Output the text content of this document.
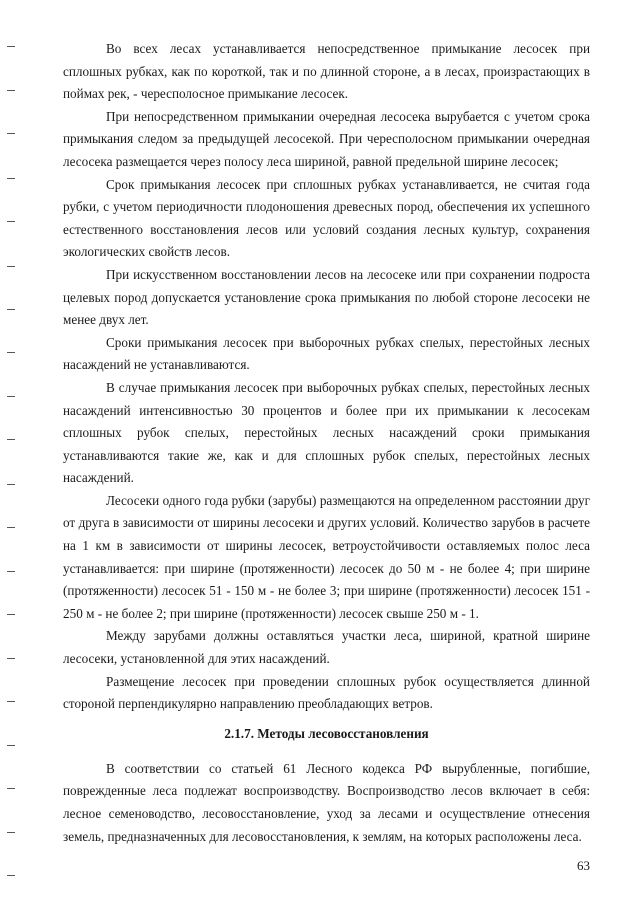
Во всех лесах устанавливается непосредственное примыкание лесосек при сплошных рубках, как по короткой, так и по длинной стороне, а в лесах, произрастающих в поймах рек, - чересполосное примыкание лесосек.

При непосредственном примыкании очередная лесосека вырубается с учетом срока примыкания следом за предыдущей лесосекой. При чересполосном примыкании очередная лесосека размещается через полосу леса шириной, равной предельной ширине лесосек;

Срок примыкания лесосек при сплошных рубках устанавливается, не считая года рубки, с учетом периодичности плодоношения древесных пород, обеспечения их успешного естественного восстановления лесов или условий создания лесных культур, сохранения экологических свойств лесов.

При искусственном восстановлении лесов на лесосеке или при сохранении подроста целевых пород допускается установление срока примыкания по любой стороне лесосеки не менее двух лет.

Сроки примыкания лесосек при выборочных рубках спелых, перестойных лесных насаждений не устанавливаются.

В случае примыкания лесосек при выборочных рубках спелых, перестойных лесных насаждений интенсивностью 30 процентов и более при их примыкании к лесосекам сплошных рубок спелых, перестойных лесных насаждений сроки примыкания устанавливаются такие же, как и для сплошных рубок спелых, перестойных лесных насаждений.

Лесосеки одного года рубки (зарубы) размещаются на определенном расстоянии друг от друга в зависимости от ширины лесосеки и других условий. Количество зарубов в расчете на 1 км в зависимости от ширины лесосек, ветроустойчивости оставляемых полос леса устанавливается: при ширине (протяженности) лесосек до 50 м - не более 4; при ширине (протяженности) лесосек 51 - 150 м - не более 3; при ширине (протяженности) лесосек 151 - 250 м - не более 2; при ширине (протяженности) лесосек свыше 250 м - 1.

Между зарубами должны оставляться участки леса, шириной, кратной ширине лесосеки, установленной для этих насаждений.

Размещение лесосек при проведении сплошных рубок осуществляется длинной стороной перпендикулярно направлению преобладающих ветров.

2.1.7. Методы лесовосстановления

В соответствии со статьей 61 Лесного кодекса РФ вырубленные, погибшие, поврежденные леса подлежат воспроизводству. Воспроизводство лесов включает в себя: лесное семеноводство, лесовосстановление, уход за лесами и осуществление отнесения земель, предназначенных для лесовосстановления, к землям, на которых расположены леса.

63
